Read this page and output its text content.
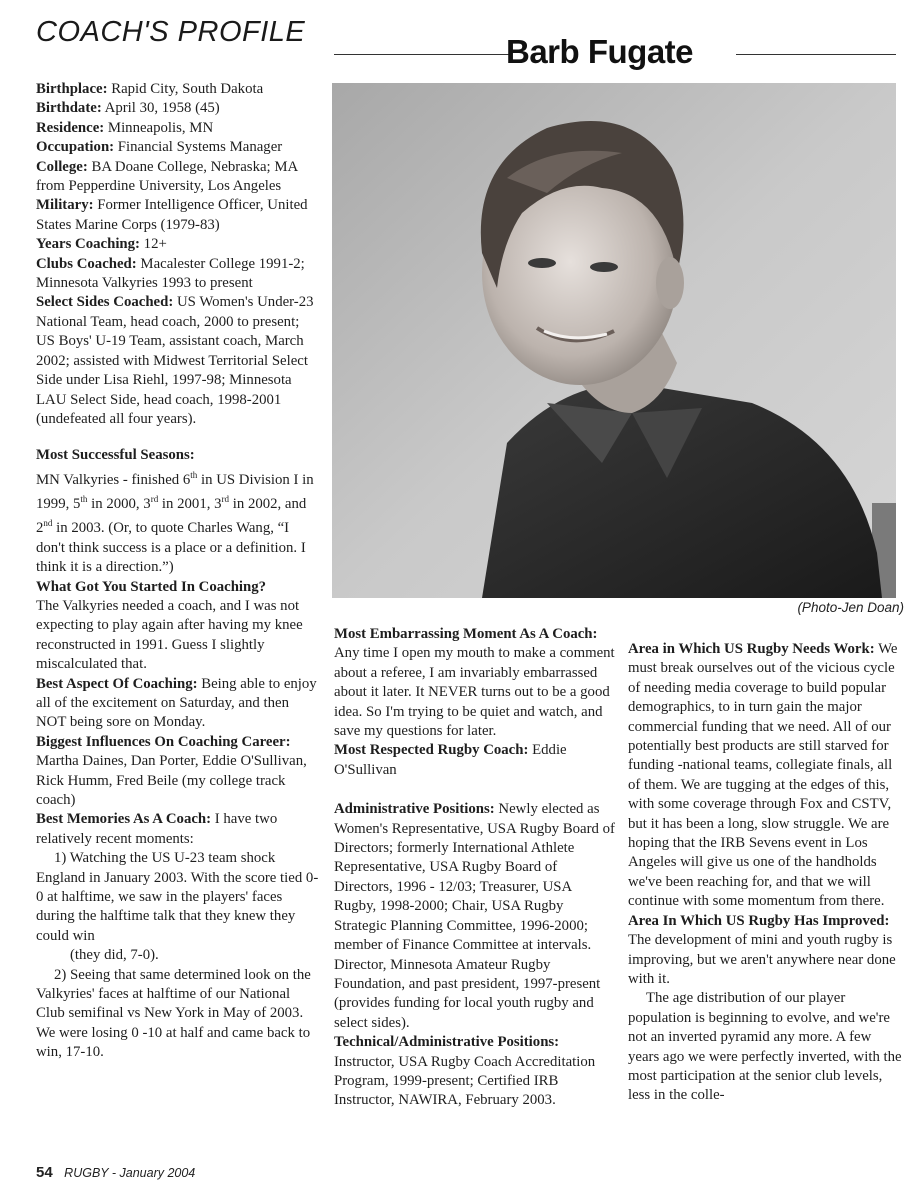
COACH'S PROFILE
Barb Fugate

Birthplace: Rapid City, South Dakota

Birthdate: April 30, 1958 (45)

Residence: Minneapolis, MN

Occupation: Financial Systems Manager

College: BA Doane College, Nebraska; MA from Pepperdine University, Los Angeles

Military: Former Intelligence Officer, United States Marine Corps (1979-83)

Years Coaching: 12+

Clubs Coached: Macalester College 1991-2; Minnesota Valkyries 1993 to present

Select Sides Coached: US Women's Under-23 National Team, head coach, 2000 to present; US Boys' U-19 Team, assistant coach, March 2002; assisted with Midwest Territorial Select Side under Lisa Riehl, 1997-98; Minnesota LAU Select Side, head coach, 1998-2001 (undefeated all four years).

Most Successful Seasons:

MN Valkyries - finished 6th in US Division I in 1999, 5th in 2000, 3rd in 2001, 3rd in 2002, and 2nd in 2003. (Or, to quote Charles Wang, “I don't think success is a place or a definition. I think it is a direction.”)

What Got You Started In Coaching?

The Valkyries needed a coach, and I was not expecting to play again after having my knee reconstructed in 1991. Guess I slightly miscalculated that.

Best Aspect Of Coaching: Being able to enjoy all of the excitement on Saturday, and then NOT being sore on Monday.

Biggest Influences On Coaching Career: Martha Daines, Dan Porter, Eddie O'Sullivan, Rick Humm, Fred Beile (my college track coach)

Best Memories As A Coach: I have two relatively recent moments:

1) Watching the US U-23 team shock England in January 2003. With the score tied 0-0 at halftime, we saw in the players' faces during the halftime talk that they knew they could win

(they did, 7-0).

2) Seeing that same determined look on the Valkyries' faces at halftime of our National Club semifinal vs New York in May of 2003. We were losing 0 -10 at half and came back to win, 17-10.

(Photo-Jen Doan)

Most Embarrassing Moment As A Coach: Any time I open my mouth to make a comment about a referee, I am invariably embarrassed about it later. It NEVER turns out to be a good idea. So I'm trying to be quiet and watch, and save my questions for later.

Most Respected Rugby Coach: Eddie O'Sullivan

Administrative Positions: Newly elected as Women's Representative, USA Rugby Board of Directors; formerly International Athlete Representative, USA Rugby Board of Directors, 1996 - 12/03; Treasurer, USA Rugby, 1998-2000; Chair, USA Rugby Strategic Planning Committee, 1996-2000; member of Finance Committee at intervals. Director, Minnesota Amateur Rugby Foundation, and past president, 1997-present (provides funding for local youth rugby and select sides).

Technical/Administrative Positions: Instructor, USA Rugby Coach Accreditation Program, 1999-present; Certified IRB Instructor, NAWIRA, February 2003.

Area in Which US Rugby Needs Work: We must break ourselves out of the vicious cycle of needing media coverage to build popular demographics, to in turn gain the major commercial funding that we need. All of our potentially best products are still starved for funding -national teams, collegiate finals, all of them. We are tugging at the edges of this, with some coverage through Fox and CSTV, but it has been a long, slow struggle. We are hoping that the IRB Sevens event in Los Angeles will give us one of the handholds we've been reaching for, and that we will continue with some momentum from there.

Area In Which US Rugby Has Improved: The development of mini and youth rugby is improving, but we aren't anywhere near done with it.

The age distribution of our player population is beginning to evolve, and we're not an inverted pyramid any more. A few years ago we were perfectly inverted, with the most participation at the senior club levels, less in the colle-

54 RUGBY - January 2004
